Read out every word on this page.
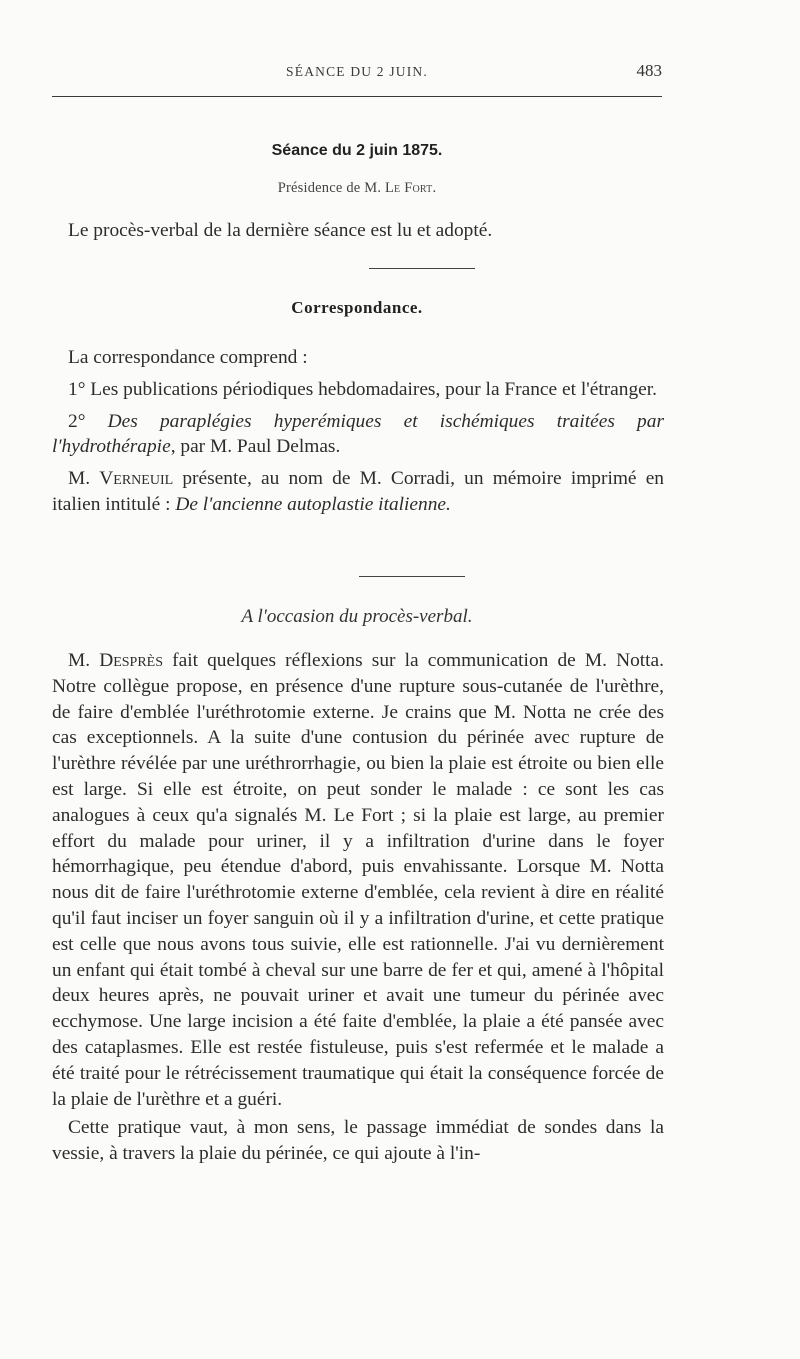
SÉANCE DU 2 JUIN.	483
Séance du 2 juin 1875.
Présidence de M. Le Fort.

Le procès-verbal de la dernière séance est lu et adopté.

Correspondance.

La correspondance comprend :

1° Les publications périodiques hebdomadaires, pour la France et l'étranger.

2° Des paraplégies hyperémiques et ischémiques traitées par l'hydrothérapie, par M. Paul Delmas.

M. Verneuil présente, au nom de M. Corradi, un mémoire imprimé en italien intitulé : De l'ancienne autoplastie italienne.

A l'occasion du procès-verbal.

M. Desprès fait quelques réflexions sur la communication de M. Notta. Notre collègue propose, en présence d'une rupture sous-cutanée de l'urèthre, de faire d'emblée l'uréthrotomie externe. Je crains que M. Notta ne crée des cas exceptionnels. A la suite d'une contusion du périnée avec rupture de l'urèthre révélée par une uréthrorrhagie, ou bien la plaie est étroite ou bien elle est large. Si elle est étroite, on peut sonder le malade : ce sont les cas analogues à ceux qu'a signalés M. Le Fort ; si la plaie est large, au premier effort du malade pour uriner, il y a infiltration d'urine dans le foyer hémorrhagique, peu étendue d'abord, puis envahissante. Lorsque M. Notta nous dit de faire l'uréthrotomie externe d'emblée, cela revient à dire en réalité qu'il faut inciser un foyer sanguin où il y a infiltration d'urine, et cette pratique est celle que nous avons tous suivie, elle est rationnelle. J'ai vu dernièrement un enfant qui était tombé à cheval sur une barre de fer et qui, amené à l'hôpital deux heures après, ne pouvait uriner et avait une tumeur du périnée avec ecchymose. Une large incision a été faite d'emblée, la plaie a été pansée avec des cataplasmes. Elle est restée fistuleuse, puis s'est refermée et le malade a été traité pour le rétrécissement traumatique qui était la conséquence forcée de la plaie de l'urèthre et a guéri.

Cette pratique vaut, à mon sens, le passage immédiat de sondes dans la vessie, à travers la plaie du périnée, ce qui ajoute à l'in-
